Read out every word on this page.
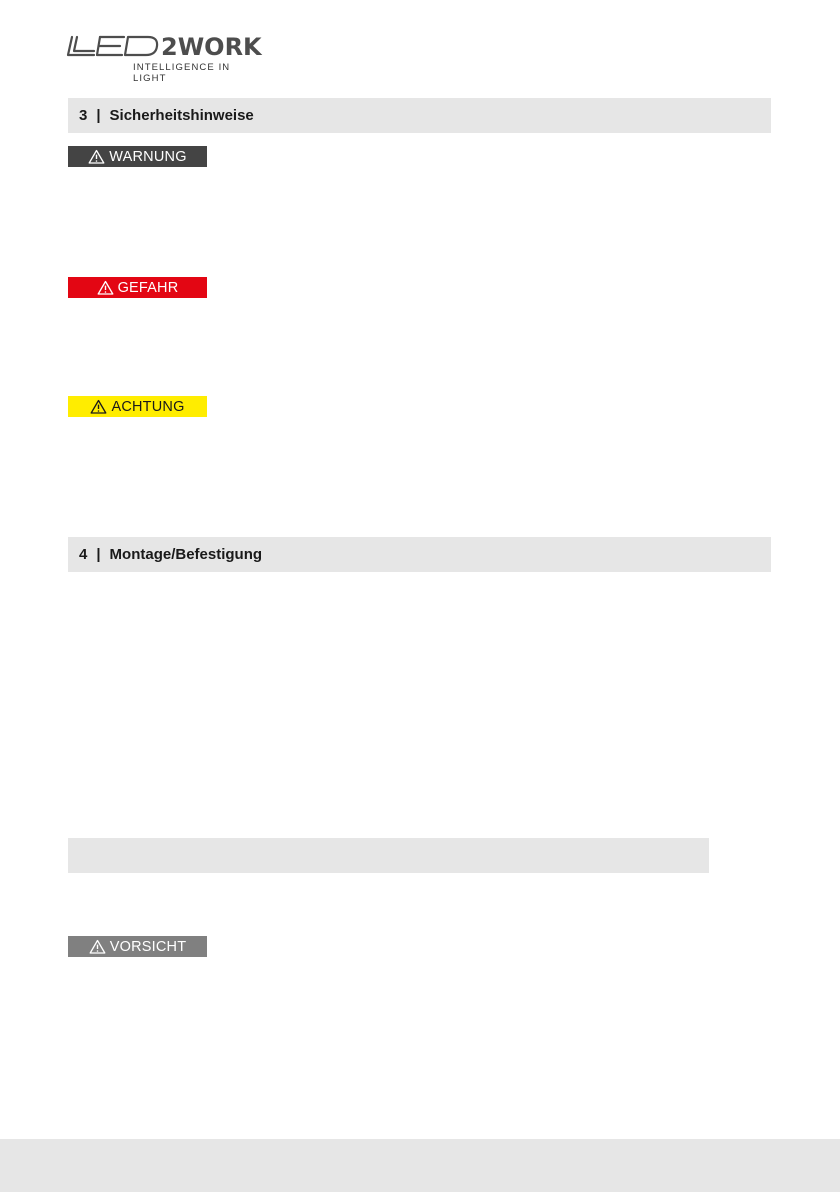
2WORK
INTELLIGENCE IN LIGHT
3 | Sicherheitshinweise
WARNUNG
GEFAHR
ACHTUNG
4 | Montage/Befestigung
VORSICHT
